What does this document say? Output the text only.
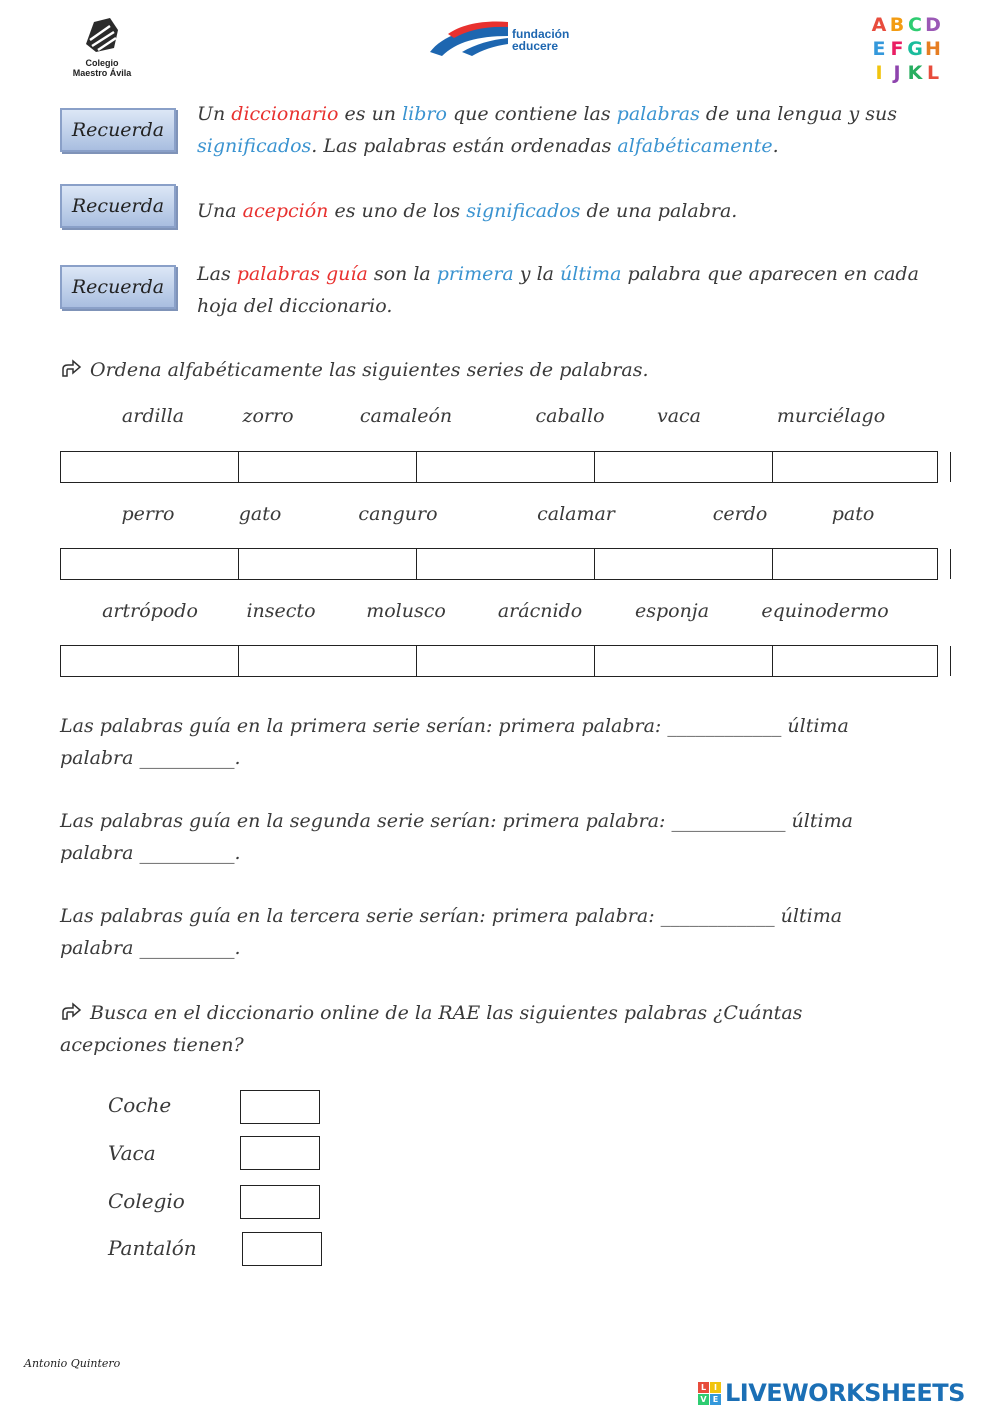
Colegio
Maestro Ávila
fundación
educere
A B C D
E F G H
I J K L
Recuerda
Un diccionario es un libro que contiene las palabras de una lengua y sus significados. Las palabras están ordenadas alfabéticamente.
Recuerda	Una acepción es uno de los significados de una palabra.
Recuerda
Las palabras guía son la primera y la última palabra que aparecen en cada hoja del diccionario.
Ordena alfabéticamente las siguientes series de palabras.
ardilla	zorro	camaleón	caballo	vaca	murciélago
perro	gato	canguro	calamar	cerdo	pato
artrópodo	insecto	molusco	arácnido	esponja	equinodermo
Las palabras guía en la primera serie serían: primera palabra: ____________ última
palabra __________.
Las palabras guía en la segunda serie serían: primera palabra: ____________ última
palabra __________.
Las palabras guía en la tercera serie serían: primera palabra: ____________ última
palabra __________.
Busca en el diccionario online de la RAE las siguientes palabras ¿Cuántas
acepciones tienen?
Coche
Vaca
Colegio
Pantalón
Antonio Quintero
L I
V E LIVEWORKSHEETS
